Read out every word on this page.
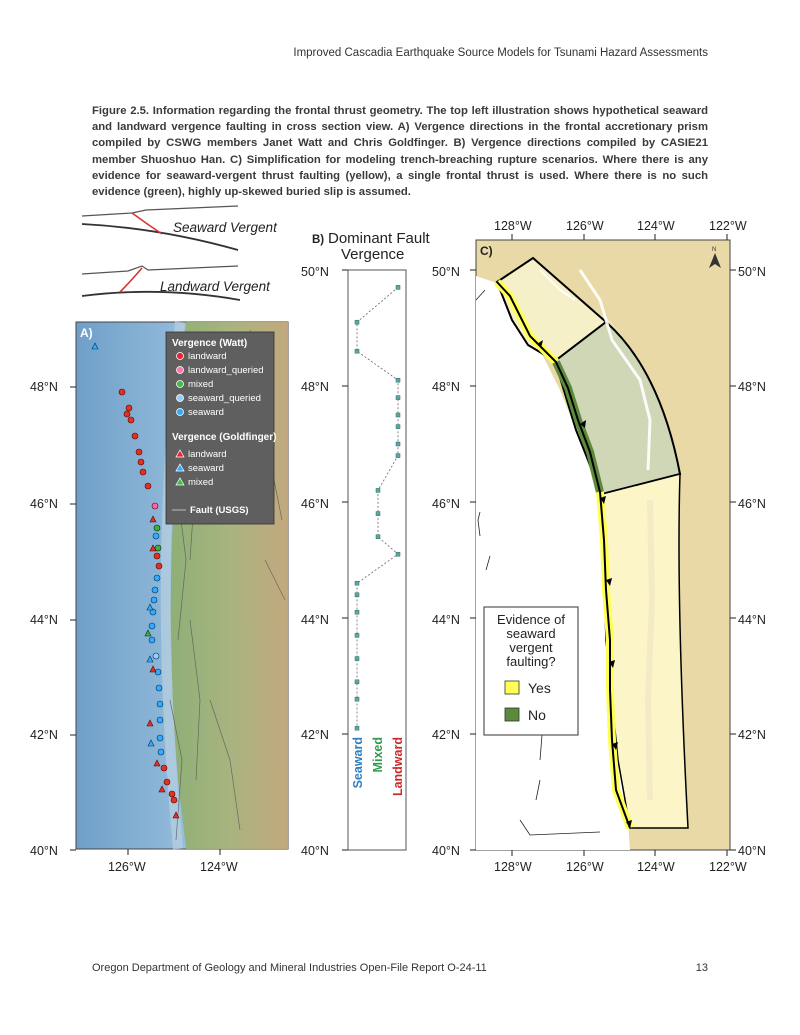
Improved Cascadia Earthquake Source Models for Tsunami Hazard Assessments
Figure 2.5. Information regarding the frontal thrust geometry. The top left illustration shows hypothetical seaward and landward vergence faulting in cross section view. A) Vergence directions in the frontal accretionary prism compiled by CSWG members Janet Watt and Chris Goldfinger. B) Vergence directions compiled by CASIE21 member Shuoshuo Han. C) Simplification for modeling trench-breaching rupture scenarios. Where there is any evidence for seaward-vergent thrust faulting (yellow), a single frontal thrust is used. Where there is no such evidence (green), highly up-skewed buried slip is assumed.
Seaward Vergent
Landward Vergent
A)
Vergence (Watt)
landward
landward_queried
mixed
seaward_queried
seaward
Vergence (Goldfinger)
landward
seaward
mixed
Fault (USGS)
48°N
46°N
44°N
42°N
40°N
126°W	124°W
B) Dominant Fault
Vergence
50°N
48°N
46°N
44°N
42°N
40°N
Seaward Mixed Landward
C)	N
Evidence of
seaward
vergent
faulting?
Yes
No
50°N
48°N
46°N
44°N
42°N
40°N
50°N
48°N
46°N
44°N
42°N
40°N
128°W	126°W	124°W	122°W
128°W	126°W	124°W	122°W
Oregon Department of Geology and Mineral Industries Open-File Report O-24-11	13
